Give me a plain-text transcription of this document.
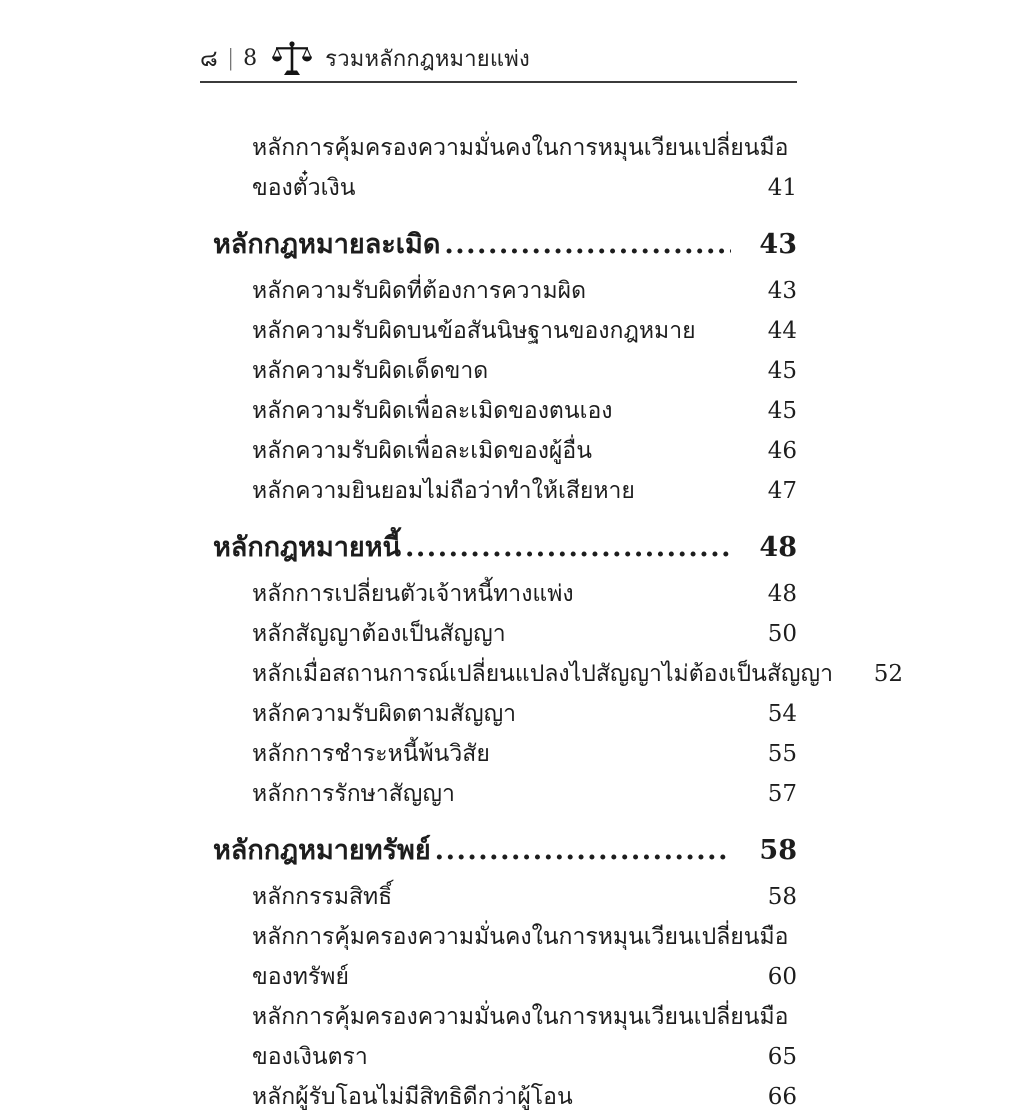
๘ | 8	รวมหลักกฎหมายแพ่ง
หลักการคุ้มครองความมั่นคงในการหมุนเวียนเปลี่ยนมือ
ของตั๋วเงิน	41
หลักกฎหมายละเมิด .....	43
หลักความรับผิดที่ต้องการความผิด	43
หลักความรับผิดบนข้อสันนิษฐานของกฎหมาย	44
หลักความรับผิดเด็ดขาด	45
หลักความรับผิดเพื่อละเมิดของตนเอง	45
หลักความรับผิดเพื่อละเมิดของผู้อื่น	46
หลักความยินยอมไม่ถือว่าทำให้เสียหาย	47
หลักกฎหมายหนี้ .....	48
หลักการเปลี่ยนตัวเจ้าหนี้ทางแพ่ง	48
หลักสัญญาต้องเป็นสัญญา	50
หลักเมื่อสถานการณ์เปลี่ยนแปลงไปสัญญาไม่ต้องเป็นสัญญา	52
หลักความรับผิดตามสัญญา	54
หลักการชำระหนี้พ้นวิสัย	55
หลักการรักษาสัญญา	57
หลักกฎหมายทรัพย์ .....	58
หลักกรรมสิทธิ์	58
หลักการคุ้มครองความมั่นคงในการหมุนเวียนเปลี่ยนมือ
ของทรัพย์	60
หลักการคุ้มครองความมั่นคงในการหมุนเวียนเปลี่ยนมือ
ของเงินตรา	65
หลักผู้รับโอนไม่มีสิทธิดีกว่าผู้โอน	66
